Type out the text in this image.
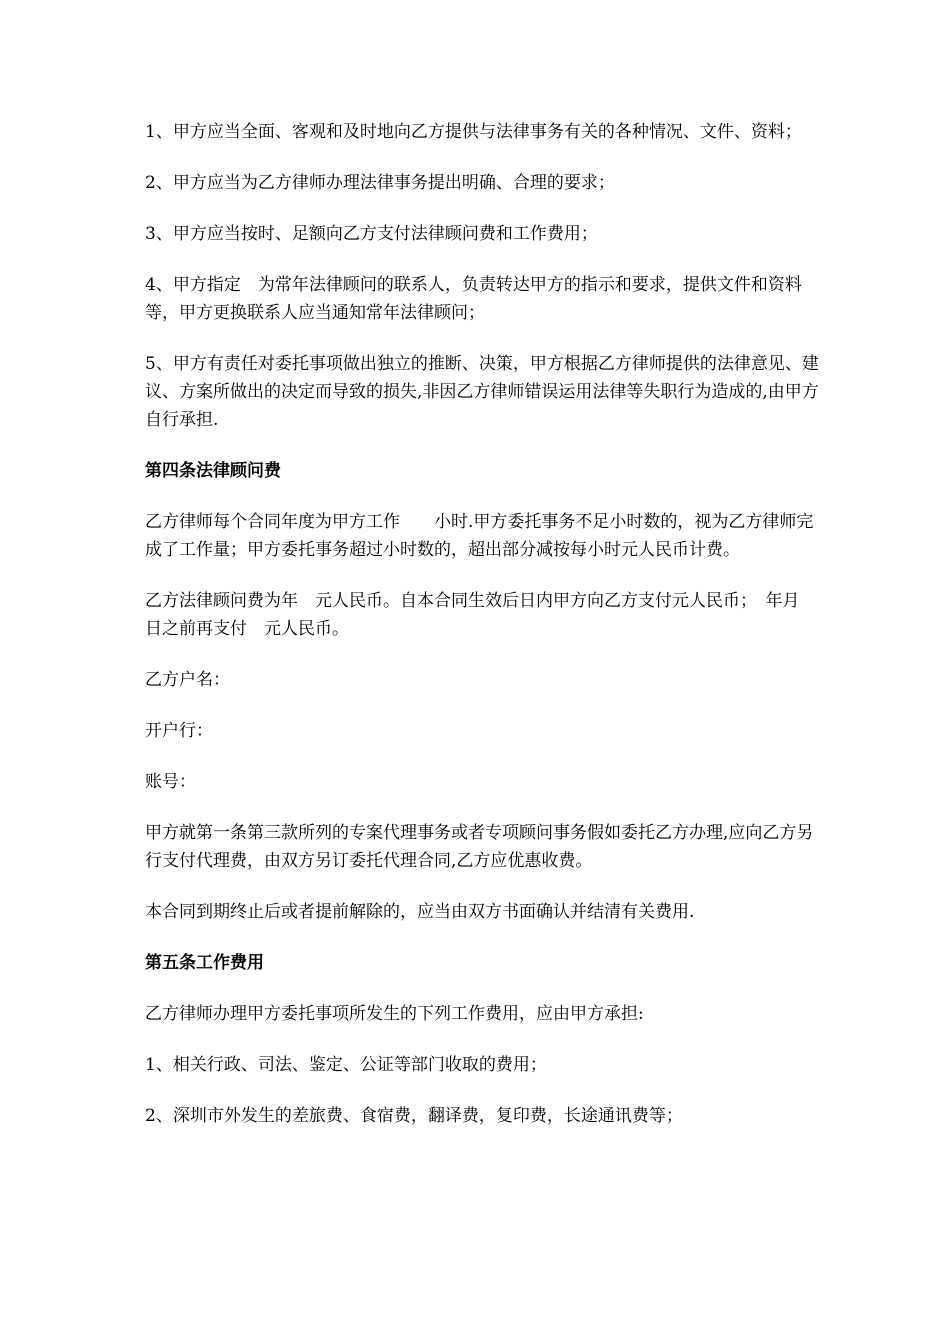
1、甲方应当全面、客观和及时地向乙方提供与法律事务有关的各种情况、文件、资料；

2、甲方应当为乙方律师办理法律事务提出明确、合理的要求；

3、甲方应当按时、足额向乙方支付法律顾问费和工作费用；

4、甲方指定　为常年法律顾问的联系人，负责转达甲方的指示和要求，提供文件和资料等，甲方更换联系人应当通知常年法律顾问；

5、甲方有责任对委托事项做出独立的推断、决策，甲方根据乙方律师提供的法律意见、建议、方案所做出的决定而导致的损失,非因乙方律师错误运用法律等失职行为造成的,由甲方自行承担.

第四条法律顾问费

乙方律师每个合同年度为甲方工作　　小时.甲方委托事务不足小时数的，视为乙方律师完成了工作量；甲方委托事务超过小时数的，超出部分减按每小时元人民币计费。

乙方法律顾问费为年　元人民币。自本合同生效后日内甲方向乙方支付元人民币；　年月　　日之前再支付　元人民币。

乙方户名：

开户行：

账号：

甲方就第一条第三款所列的专案代理事务或者专项顾问事务假如委托乙方办理,应向乙方另行支付代理费，由双方另订委托代理合同,乙方应优惠收费。

本合同到期终止后或者提前解除的，应当由双方书面确认并结清有关费用.

第五条工作费用

乙方律师办理甲方委托事项所发生的下列工作费用，应由甲方承担:

1、相关行政、司法、鉴定、公证等部门收取的费用；

2、深圳市外发生的差旅费、食宿费，翻译费，复印费，长途通讯费等；
